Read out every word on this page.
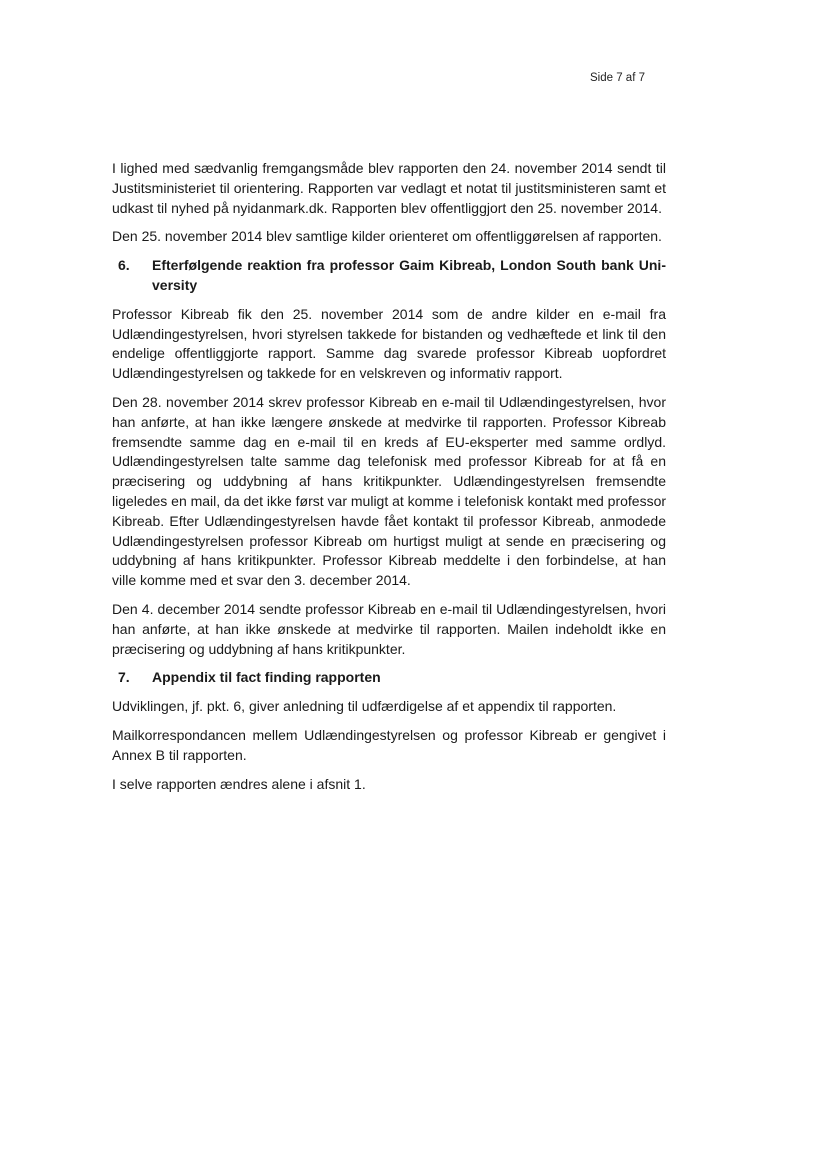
Side 7 af 7

I lighed med sædvanlig fremgangsmåde blev rapporten den 24. november 2014 sendt til Justitsministeriet til orientering. Rapporten var vedlagt et notat til justitsministeren samt et udkast til nyhed på nyidanmark.dk. Rapporten blev offentliggjort den 25. november 2014.

Den 25. november 2014 blev samtlige kilder orienteret om offentliggørelsen af rapporten.

6.	Efterfølgende reaktion fra professor Gaim Kibreab, London South bank University

Professor Kibreab fik den 25. november 2014 som de andre kilder en e-mail fra Udlændingestyrelsen, hvori styrelsen takkede for bistanden og vedhæftede et link til den endelige offentliggjorte rapport. Samme dag svarede professor Kibreab uopfordret Udlændingestyrelsen og takkede for en velskreven og informativ rapport.

Den 28. november 2014 skrev professor Kibreab en e-mail til Udlændingestyrelsen, hvor han anførte, at han ikke længere ønskede at medvirke til rapporten. Professor Kibreab fremsendte samme dag en e-mail til en kreds af EU-eksperter med samme ordlyd. Udlændingestyrelsen talte samme dag telefonisk med professor Kibreab for at få en præcisering og uddybning af hans kritikpunkter. Udlændingestyrelsen fremsendte ligeledes en mail, da det ikke først var muligt at komme i telefonisk kontakt med professor Kibreab. Efter Udlændingestyrelsen havde fået kontakt til professor Kibreab, anmodede Udlændingestyrelsen professor Kibreab om hurtigst muligt at sende en præcisering og uddybning af hans kritikpunkter. Professor Kibreab meddelte i den forbindelse, at han ville komme med et svar den 3. december 2014.

Den 4. december 2014 sendte professor Kibreab en e-mail til Udlændingestyrelsen, hvori han anførte, at han ikke ønskede at medvirke til rapporten. Mailen indeholdt ikke en præcisering og uddybning af hans kritikpunkter.

7.	Appendix til fact finding rapporten

Udviklingen, jf. pkt. 6, giver anledning til udfærdigelse af et appendix til rapporten.

Mailkorrespondancen mellem Udlændingestyrelsen og professor Kibreab er gengivet i Annex B til rapporten.

I selve rapporten ændres alene i afsnit 1.
